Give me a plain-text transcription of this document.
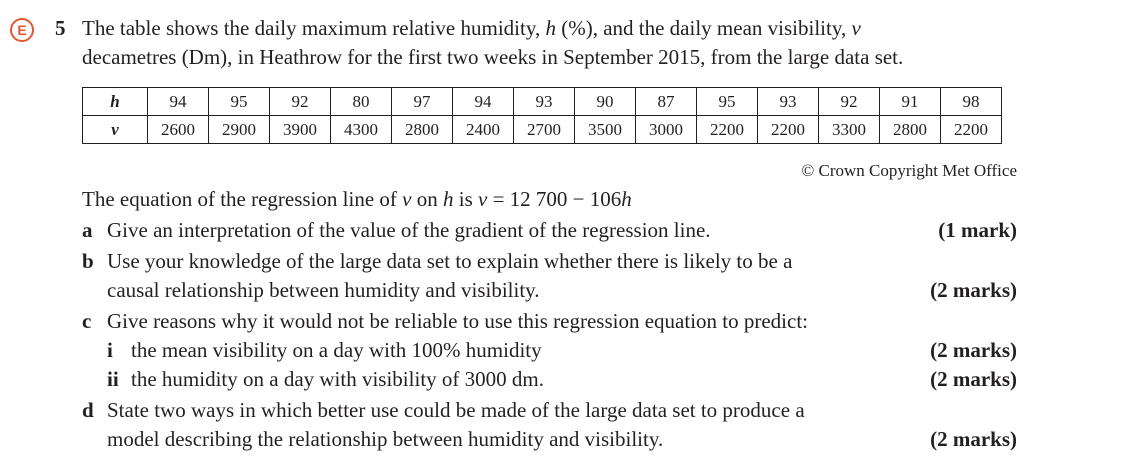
E	5 The table shows the daily maximum relative humidity, h (%), and the daily mean visibility, v
decametres (Dm), in Heathrow for the first two weeks in September 2015, from the large data set.
h	94	95	92	80	97	94	93	90	87	95	93	92	91	98
v	2600	2900	3900	4300	2800	2400	2700	3500	3000	2200	2200	3300	2800	2200
© Crown Copyright Met Office
The equation of the regression line of v on h is v = 12 700 − 106h
a Give an interpretation of the value of the gradient of the regression line.	(1 mark)
b Use your knowledge of the large data set to explain whether there is likely to be a
causal relationship between humidity and visibility.	(2 marks)
c Give reasons why it would not be reliable to use this regression equation to predict:
i the mean visibility on a day with 100% humidity	(2 marks)
ii the humidity on a day with visibility of 3000 dm.	(2 marks)
d State two ways in which better use could be made of the large data set to produce a
model describing the relationship between humidity and visibility.	(2 marks)
